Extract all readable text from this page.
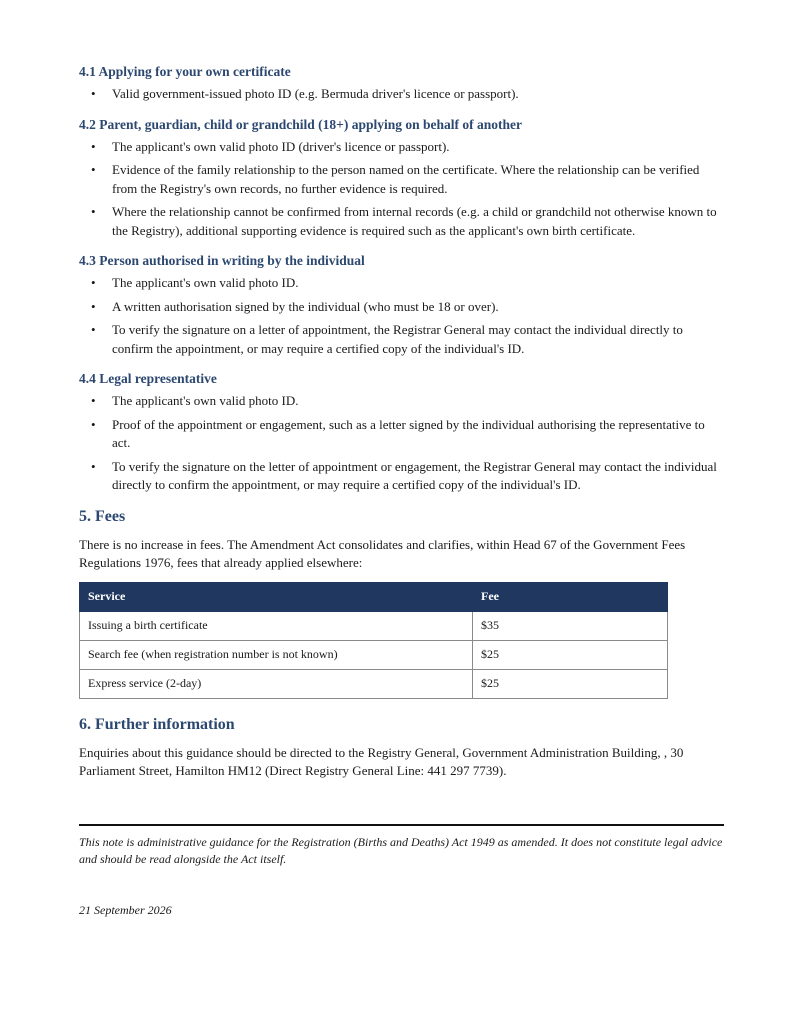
4.1 Applying for your own certificate
• Valid government-issued photo ID (e.g. Bermuda driver's licence or passport).
4.2 Parent, guardian, child or grandchild (18+) applying on behalf of another
• The applicant's own valid photo ID (driver's licence or passport).
• Evidence of the family relationship to the person named on the certificate. Where the relationship can be verified from the Registry's own records, no further evidence is required.
• Where the relationship cannot be confirmed from internal records (e.g. a child or grandchild not otherwise known to the Registry), additional supporting evidence is required such as the applicant's own birth certificate.
4.3 Person authorised in writing by the individual
• The applicant's own valid photo ID.
• A written authorisation signed by the individual (who must be 18 or over).
• To verify the signature on a letter of appointment, the Registrar General may contact the individual directly to confirm the appointment, or may require a certified copy of the individual's ID.
4.4 Legal representative
• The applicant's own valid photo ID.
• Proof of the appointment or engagement, such as a letter signed by the individual authorising the representative to act.
• To verify the signature on the letter of appointment or engagement, the Registrar General may contact the individual directly to confirm the appointment, or may require a certified copy of the individual's ID.
5. Fees

There is no increase in fees. The Amendment Act consolidates and clarifies, within Head 67 of the Government Fees Regulations 1976, fees that already applied elsewhere:

Service	Fee
Issuing a birth certificate	$35
Search fee (when registration number is not known)	$25
Express service (2-day)	$25
6. Further information

Enquiries about this guidance should be directed to the Registry General, Government Administration Building, , 30 Parliament Street, Hamilton HM12 (Direct Registry General Line: 441 297 7739).

This note is administrative guidance for the Registration (Births and Deaths) Act 1949 as amended. It does not constitute legal advice and should be read alongside the Act itself.
21 September 2026
